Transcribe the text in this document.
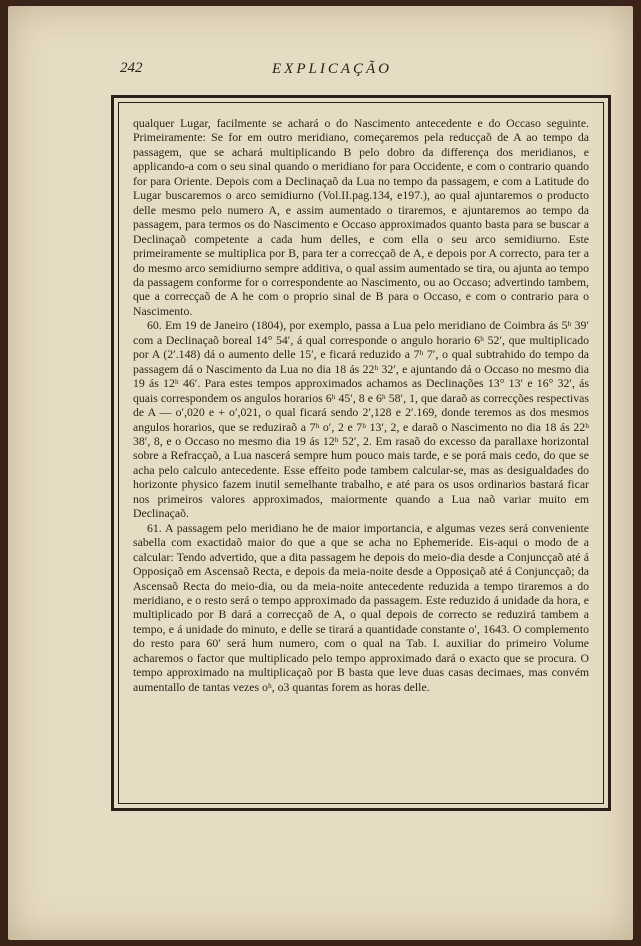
242	EXPLICAÇÃO

qualquer Lugar, facilmente se achará o do Nascimento antecedente e do Occaso seguinte. Primeiramente: Se for em outro meridiano, começaremos pela reducçaõ de A ao tempo da passagem, que se achará multiplicando B pelo dobro da differença dos meridianos, e applicando-a com o seu sinal quando o meridiano for para Occidente, e com o contrario quando for para Oriente. Depois com a Declinaçaõ da Lua no tempo da passagem, e com a Latitude do Lugar buscaremos o arco semidiurno (Vol.II.pag.134, e197.), ao qual ajuntaremos o producto delle mesmo pelo numero A, e assim aumentado o tiraremos, e ajuntaremos ao tempo da passagem, para termos os do Nascimento e Occaso approximados quanto basta para se buscar a Declinaçaõ competente a cada hum delles, e com ella o seu arco semidiurno. Este primeiramente se multiplica por B, para ter a correcçaõ de A, e depois por A correcto, para ter a do mesmo arco semidiurno sempre additiva, o qual assim aumentado se tira, ou ajunta ao tempo da passagem conforme for o correspondente ao Nascimento, ou ao Occaso; advertindo tambem, que a correcçaõ de A he com o proprio sinal de B para o Occaso, e com o contrario para o Nascimento.

60. Em 19 de Janeiro (1804), por exemplo, passa a Lua pelo meridiano de Coimbra ás 5ʰ 39′ com a Declinaçaõ boreal 14° 54′, á qual corresponde o angulo horario 6ʰ 52′, que multiplicado por A (2′.148) dá o aumento delle 15′, e ficará reduzido a 7ʰ 7′, o qual subtrahido do tempo da passagem dá o Nascimento da Lua no dia 18 ás 22ʰ 32′, e ajuntando dá o Occaso no mesmo dia 19 ás 12ʰ 46′. Para estes tempos approximados achamos as Declinações 13° 13′ e 16° 32′, ás quais correspondem os angulos horarios 6ʰ 45′, 8 e 6ʰ 58′, 1, que daraõ as correcções respectivas de A — o′,020 e + o′,021, o qual ficará sendo 2′,128 e 2′.169, donde teremos as dos mesmos angulos horarios, que se reduziraõ a 7ʰ o′, 2 e 7ʰ 13′, 2, e daraõ o Nascimento no dia 18 ás 22ʰ 38′, 8, e o Occaso no mesmo dia 19 ás 12ʰ 52′, 2. Em rasaõ do excesso da parallaxe horizontal sobre a Refracçaõ, a Lua nascerá sempre hum pouco mais tarde, e se porá mais cedo, do que se acha pelo calculo antecedente. Esse effeito pode tambem calcular-se, mas as desigualdades do horizonte physico fazem inutil semelhante trabalho, e até para os usos ordinarios bastará ficar nos primeiros valores approximados, maiormente quando a Lua naõ variar muito em Declinaçaõ.

61. A passagem pelo meridiano he de maior importancia, e algumas vezes será conveniente sabella com exactidaõ maior do que a que se acha no Ephemeride. Eis-aqui o modo de a calcular: Tendo advertido, que a dita passagem he depois do meio-dia desde a Conjuncçaõ até á Opposiçaõ em Ascensaõ Recta, e depois da meia-noite desde a Opposiçaõ até á Conjuncçaõ; da Ascensaõ Recta do meio-dia, ou da meia-noite antecedente reduzida a tempo tiraremos a do meridiano, e o resto será o tempo approximado da passagem. Este reduzido á unidade da hora, e multiplicado por B dará a correcçaõ de A, o qual depois de correcto se reduzirá tambem a tempo, e á unidade do minuto, e delle se tirará a quantidade constante o′, 1643. O complemento do resto para 60′ será hum numero, com o qual na Tab. I. auxiliar do primeiro Volume acharemos o factor que multiplicado pelo tempo approximado dará o exacto que se procura. O tempo approximado na multiplicaçaõ por B basta que leve duas casas decimaes, mas convém aumentallo de tantas vezes oʰ, o3 quantas forem as horas delle.
